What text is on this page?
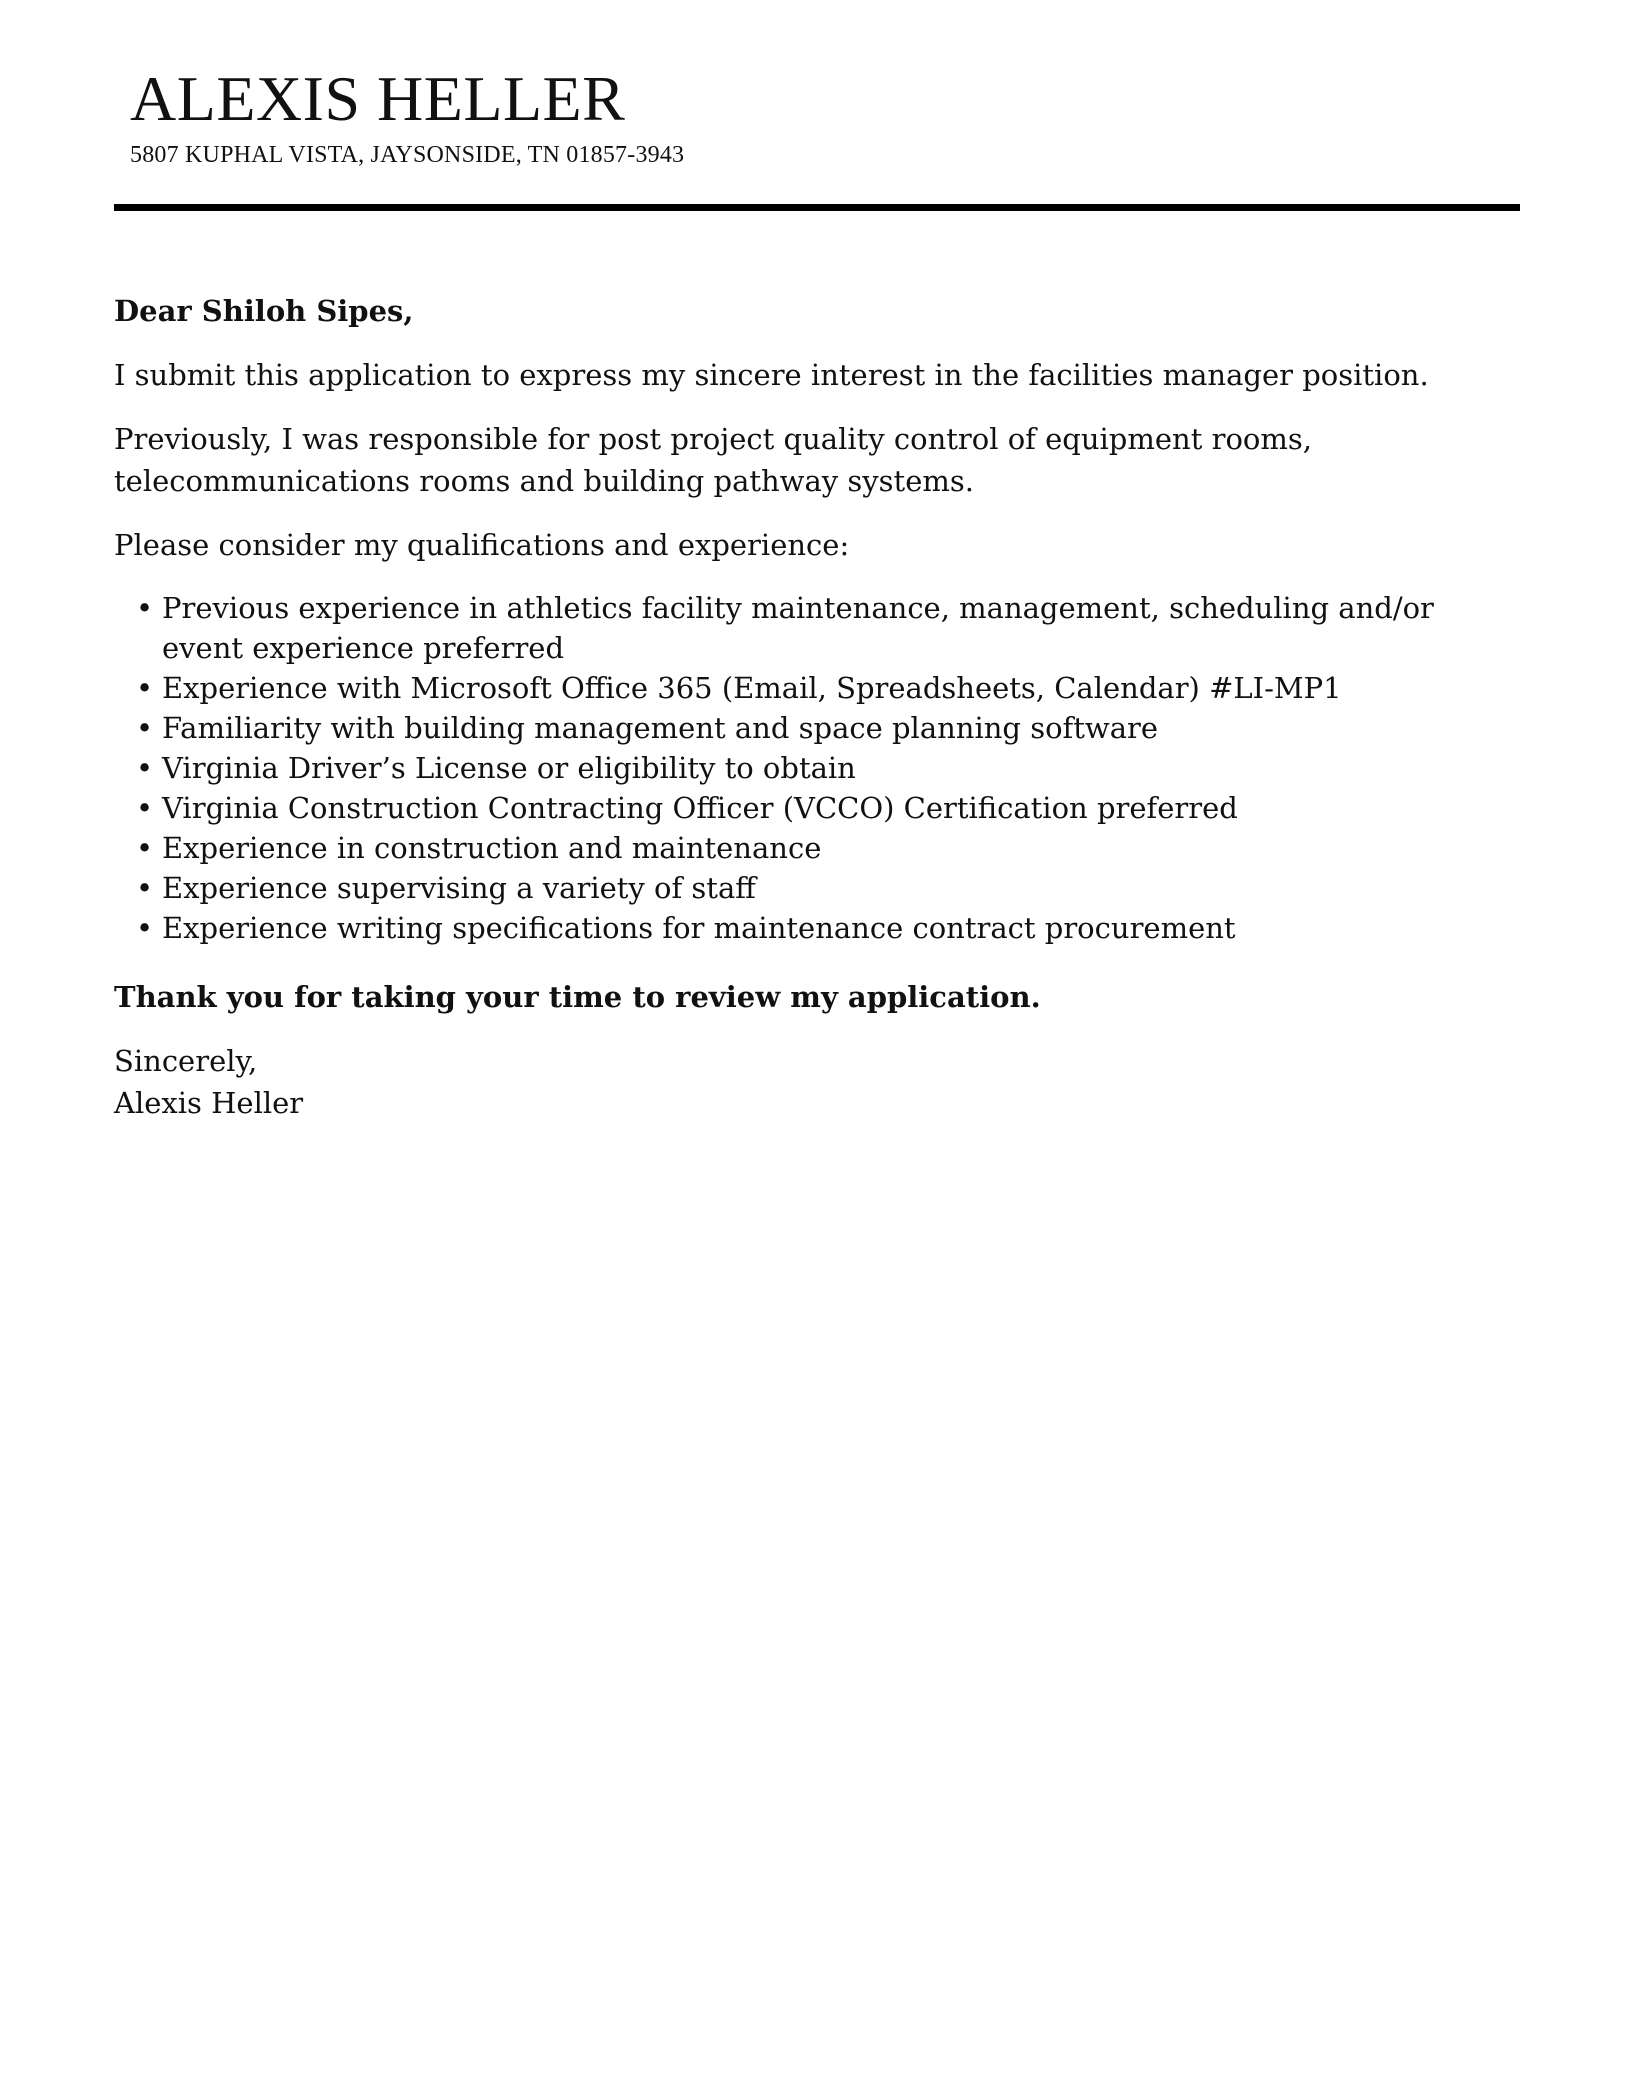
ALEXIS HELLER

5807 KUPHAL VISTA, JAYSONSIDE, TN 01857-3943

Dear Shiloh Sipes,

I submit this application to express my sincere interest in the facilities manager position.

Previously, I was responsible for post project quality control of equipment rooms, telecommunications rooms and building pathway systems.

Please consider my qualifications and experience:

• Previous experience in athletics facility maintenance, management, scheduling and/or event experience preferred
• Experience with Microsoft Office 365 (Email, Spreadsheets, Calendar) #LI-MP1
• Familiarity with building management and space planning software
• Virginia Driver’s License or eligibility to obtain
• Virginia Construction Contracting Officer (VCCO) Certification preferred
• Experience in construction and maintenance
• Experience supervising a variety of staff
• Experience writing specifications for maintenance contract procurement

Thank you for taking your time to review my application.

Sincerely,

Alexis Heller
